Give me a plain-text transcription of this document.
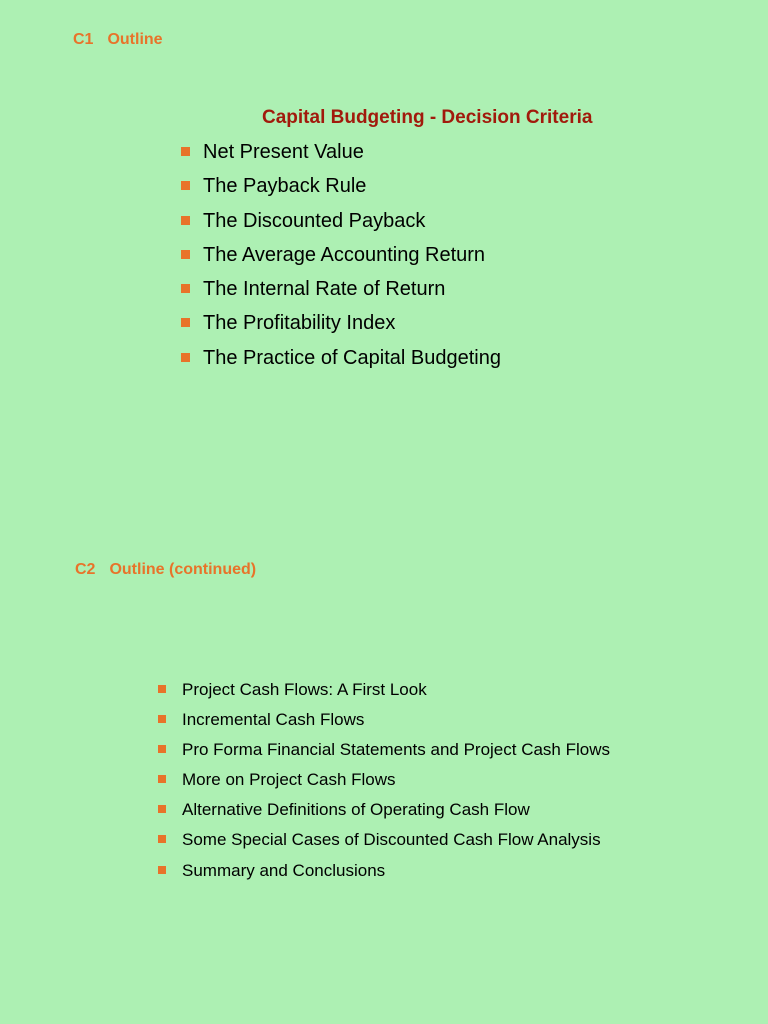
C1 Outline
Capital Budgeting - Decision Criteria
Net Present Value
The Payback Rule
The Discounted Payback
The Average Accounting Return
The Internal Rate of Return
The Profitability Index
The Practice of Capital Budgeting
C2 Outline (continued)
Project Cash Flows: A First Look
Incremental Cash Flows
Pro Forma Financial Statements and Project Cash Flows
More on Project Cash Flows
Alternative Definitions of Operating Cash Flow
Some Special Cases of Discounted Cash Flow Analysis
Summary and Conclusions
